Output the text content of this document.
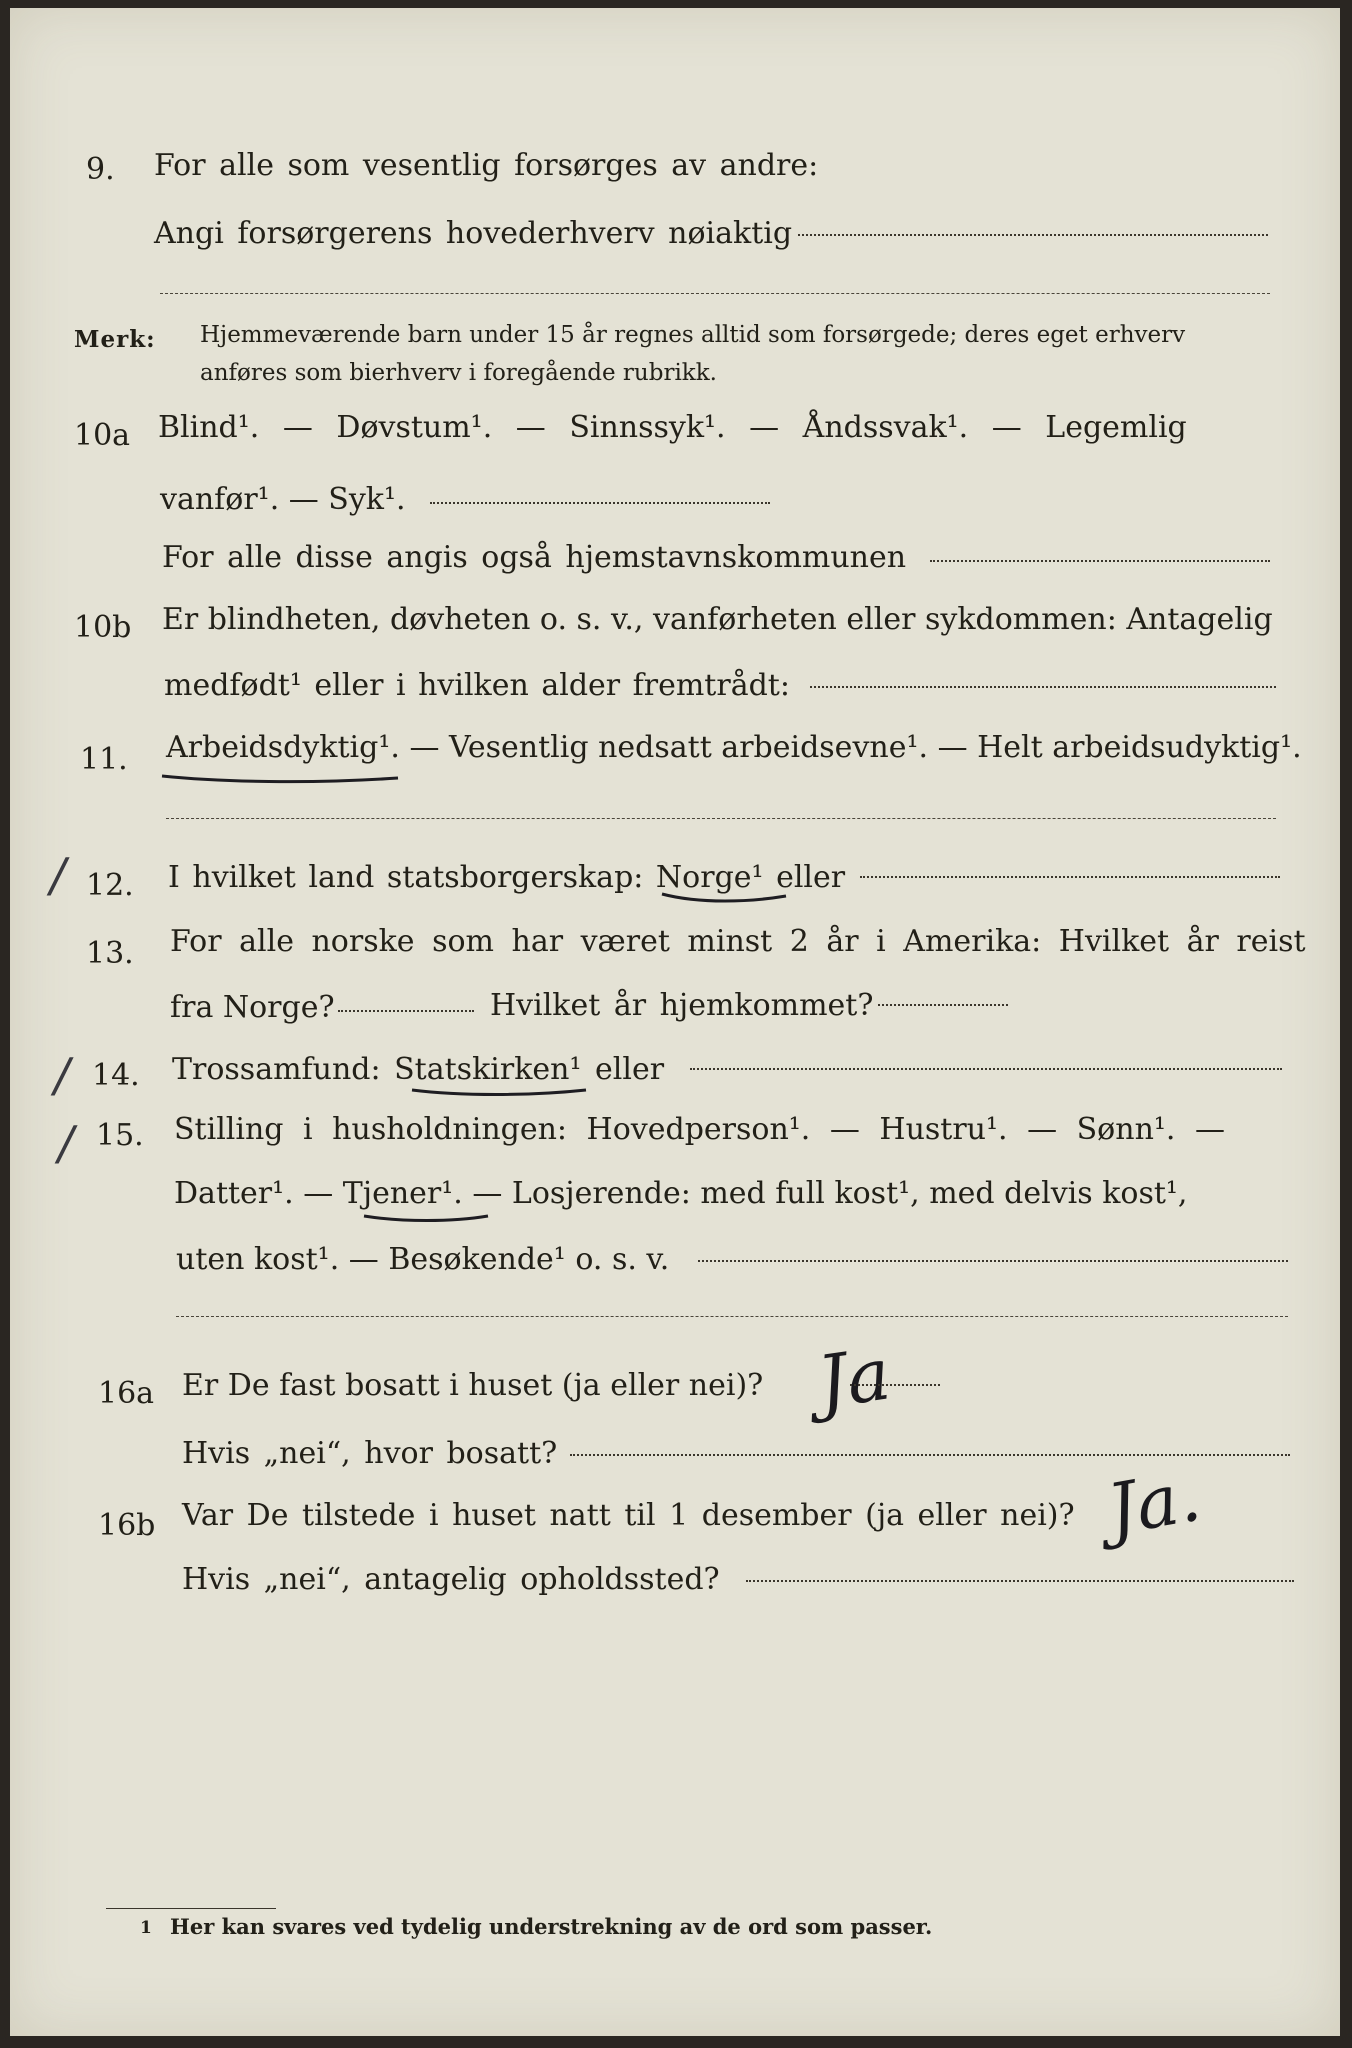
9. For alle som vesentlig forsørges av andre:
Angi forsørgerens hovederhverv nøiaktig
Merk: Hjemmeværende barn under 15 år regnes alltid som forsørgede; deres eget erhverv
anføres som bierhverv i foregående rubrikk.
10a Blind¹. — Døvstum¹. — Sinnssyk¹. — Åndssvak¹. — Legemlig
vanfør¹. — Syk¹.
For alle disse angis også hjemstavnskommunen
10b Er blindheten, døvheten o. s. v., vanførheten eller sykdommen: Antagelig
medfødt¹ eller i hvilken alder fremtrådt:
11. Arbeidsdyktig¹. — Vesentlig nedsatt arbeidsevne¹. — Helt arbeidsudyktig¹.
/ 12. I hvilket land statsborgerskap: Norge¹ eller
13. For alle norske som har været minst 2 år i Amerika: Hvilket år reist
fra Norge?	Hvilket år hjemkommet?
/ 14. Trossamfund: Statskirken¹ eller
/ 15. Stilling i husholdningen: Hovedperson¹. — Hustru¹. — Sønn¹. —
Datter¹. — Tjener¹. — Losjerende: med full kost¹, med delvis kost¹,
uten kost¹. — Besøkende¹ o. s. v.
16a Er De fast bosatt i huset (ja eller nei)? Ja
Hvis „nei“, hvor bosatt?
16b Var De tilstede i huset natt til 1 desember (ja eller nei)? Ja.
Hvis „nei“, antagelig opholdssted?
1 Her kan svares ved tydelig understrekning av de ord som passer.
